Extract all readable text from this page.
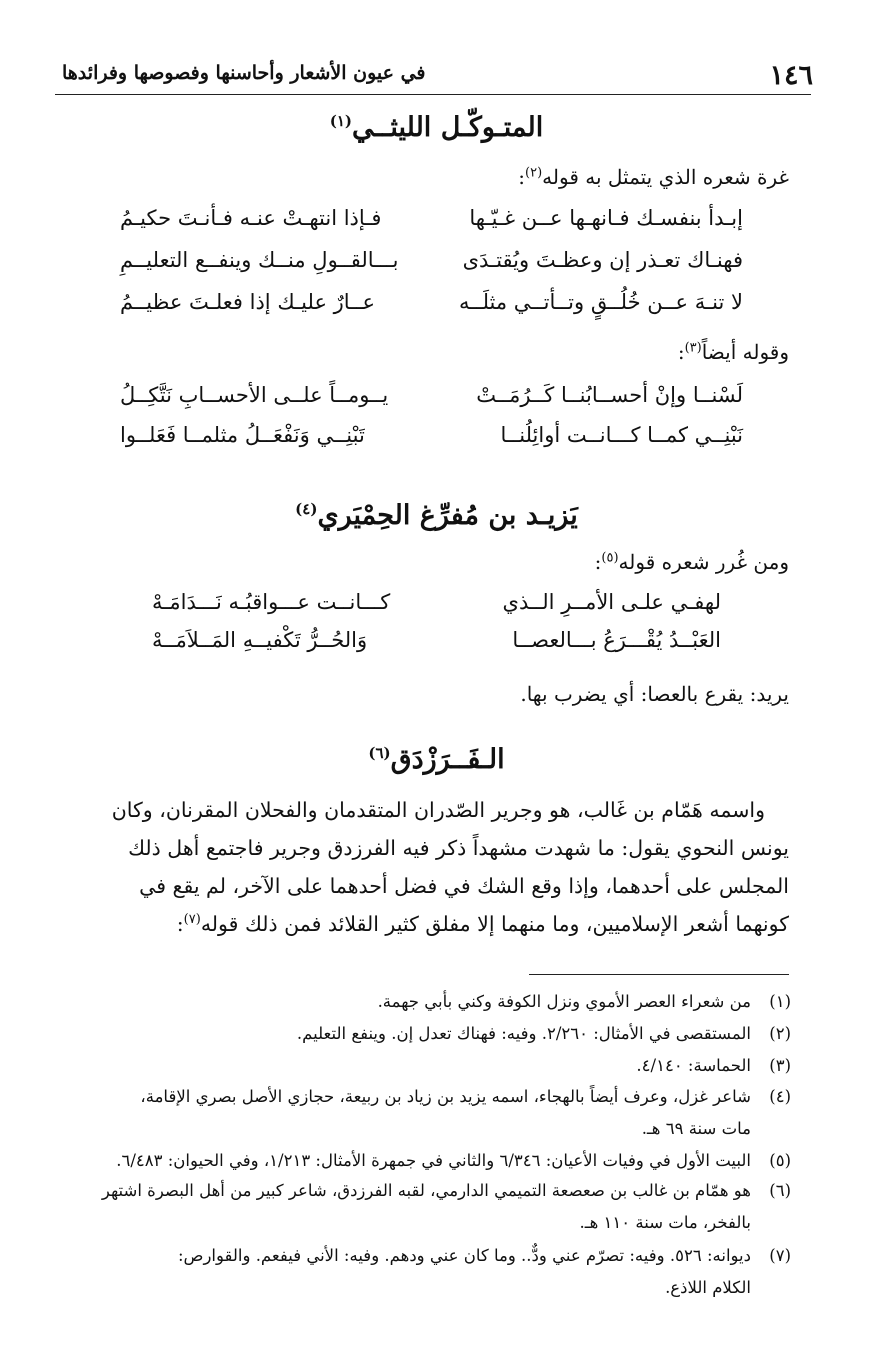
١٤٦
في عيون الأشعار وأحاسنها وفصوصها وفرائدها
المتـوكّـل الليثــي$^{(١)}$
غرة شعره الذي يتمثل به قوله$^{(٢)}$:
إبـدأ بنفسـك فـانهـها عــن غـيّـها
فـإذا انتهـتْ عنـه فـأنـتَ حكيـمُ
فهنـاك تعـذر إن وعظـتَ ويُقتـدَى
بـــالقــولِ منــك وينفــع التعليــمِ
لا تنـهَ عــن خُلُــقٍ وتــأتــي مثلَــه
عــارٌ عليـك إذا فعلـتَ عظيــمُ
وقوله أيضاً$^{(٣)}$:
لَسْنــا وإنْ أحســابُنــا كَــرُمَــتْ
يــومــاً علــى الأحســابِ نَتَّكِــلُ
نَبْنِــي كمــا كـــانــت أوائِلُنــا
تَبْنِــي وَنَفْعَــلُ مثلمــا فَعَلــوا
يَزيـد بن مُفرِّغ الحِمْيَري$^{(٤)}$
ومن غُرر شعره قوله$^{(٥)}$:
لهفـي علـى الأمــرِ الــذي
كـــانــت عـــواقبُـه نَـــدَامَـهْ
العَبْــدُ يُقْـــرَعُ بـــالعصــا
وَالحُــرُّ تَكْفيــهِ المَــلاَمَــهْ
يريد: يقرع بالعصا: أي يضرب بها.
الـفَــرَزْدَق$^{(٦)}$
واسمه هَمّام بن غَالب، هو وجرير الصّدران المتقدمان والفحلان المقرنان، وكان
يونس النحوي يقول: ما شهدت مشهداً ذكر فيه الفرزدق وجرير فاجتمع أهل ذلك
المجلس على أحدهما، وإذا وقع الشك في فضل أحدهما على الآخر، لم يقع في
كونهما أشعر الإسلاميين، وما منهما إلا مفلق كثير القلائد فمن ذلك قوله$^{(٧)}$:
(١)
من شعراء العصر الأموي ونزل الكوفة وكني بأبي جهمة.
(٢)
المستقصى في الأمثال: ٢/٢٦٠. وفيه: فهناك تعدل إن. وينفع التعليم.
(٣)
الحماسة: ٤/١٤٠.
(٤)
شاعر غزل، وعرف أيضاً بالهجاء، اسمه يزيد بن زياد بن ربيعة، حجازي الأصل بصري الإقامة،
مات سنة ٦٩ هـ.
(٥)
البيت الأول في وفيات الأعيان: ٦/٣٤٦ والثاني في جمهرة الأمثال: ١/٢١٣، وفي الحيوان: ٦/٤٨٣.
(٦)
هو همّام بن غالب بن صعصعة التميمي الدارمي، لقبه الفرزدق، شاعر كبير من أهل البصرة اشتهر
بالفخر، مات سنة ١١٠ هـ.
(٧)
ديوانه: ٥٢٦. وفيه: تصرّم عني ودٌّ.. وما كان عني ودهم. وفيه: الأني فيفعم. والقوارص:
الكلام اللاذع.
